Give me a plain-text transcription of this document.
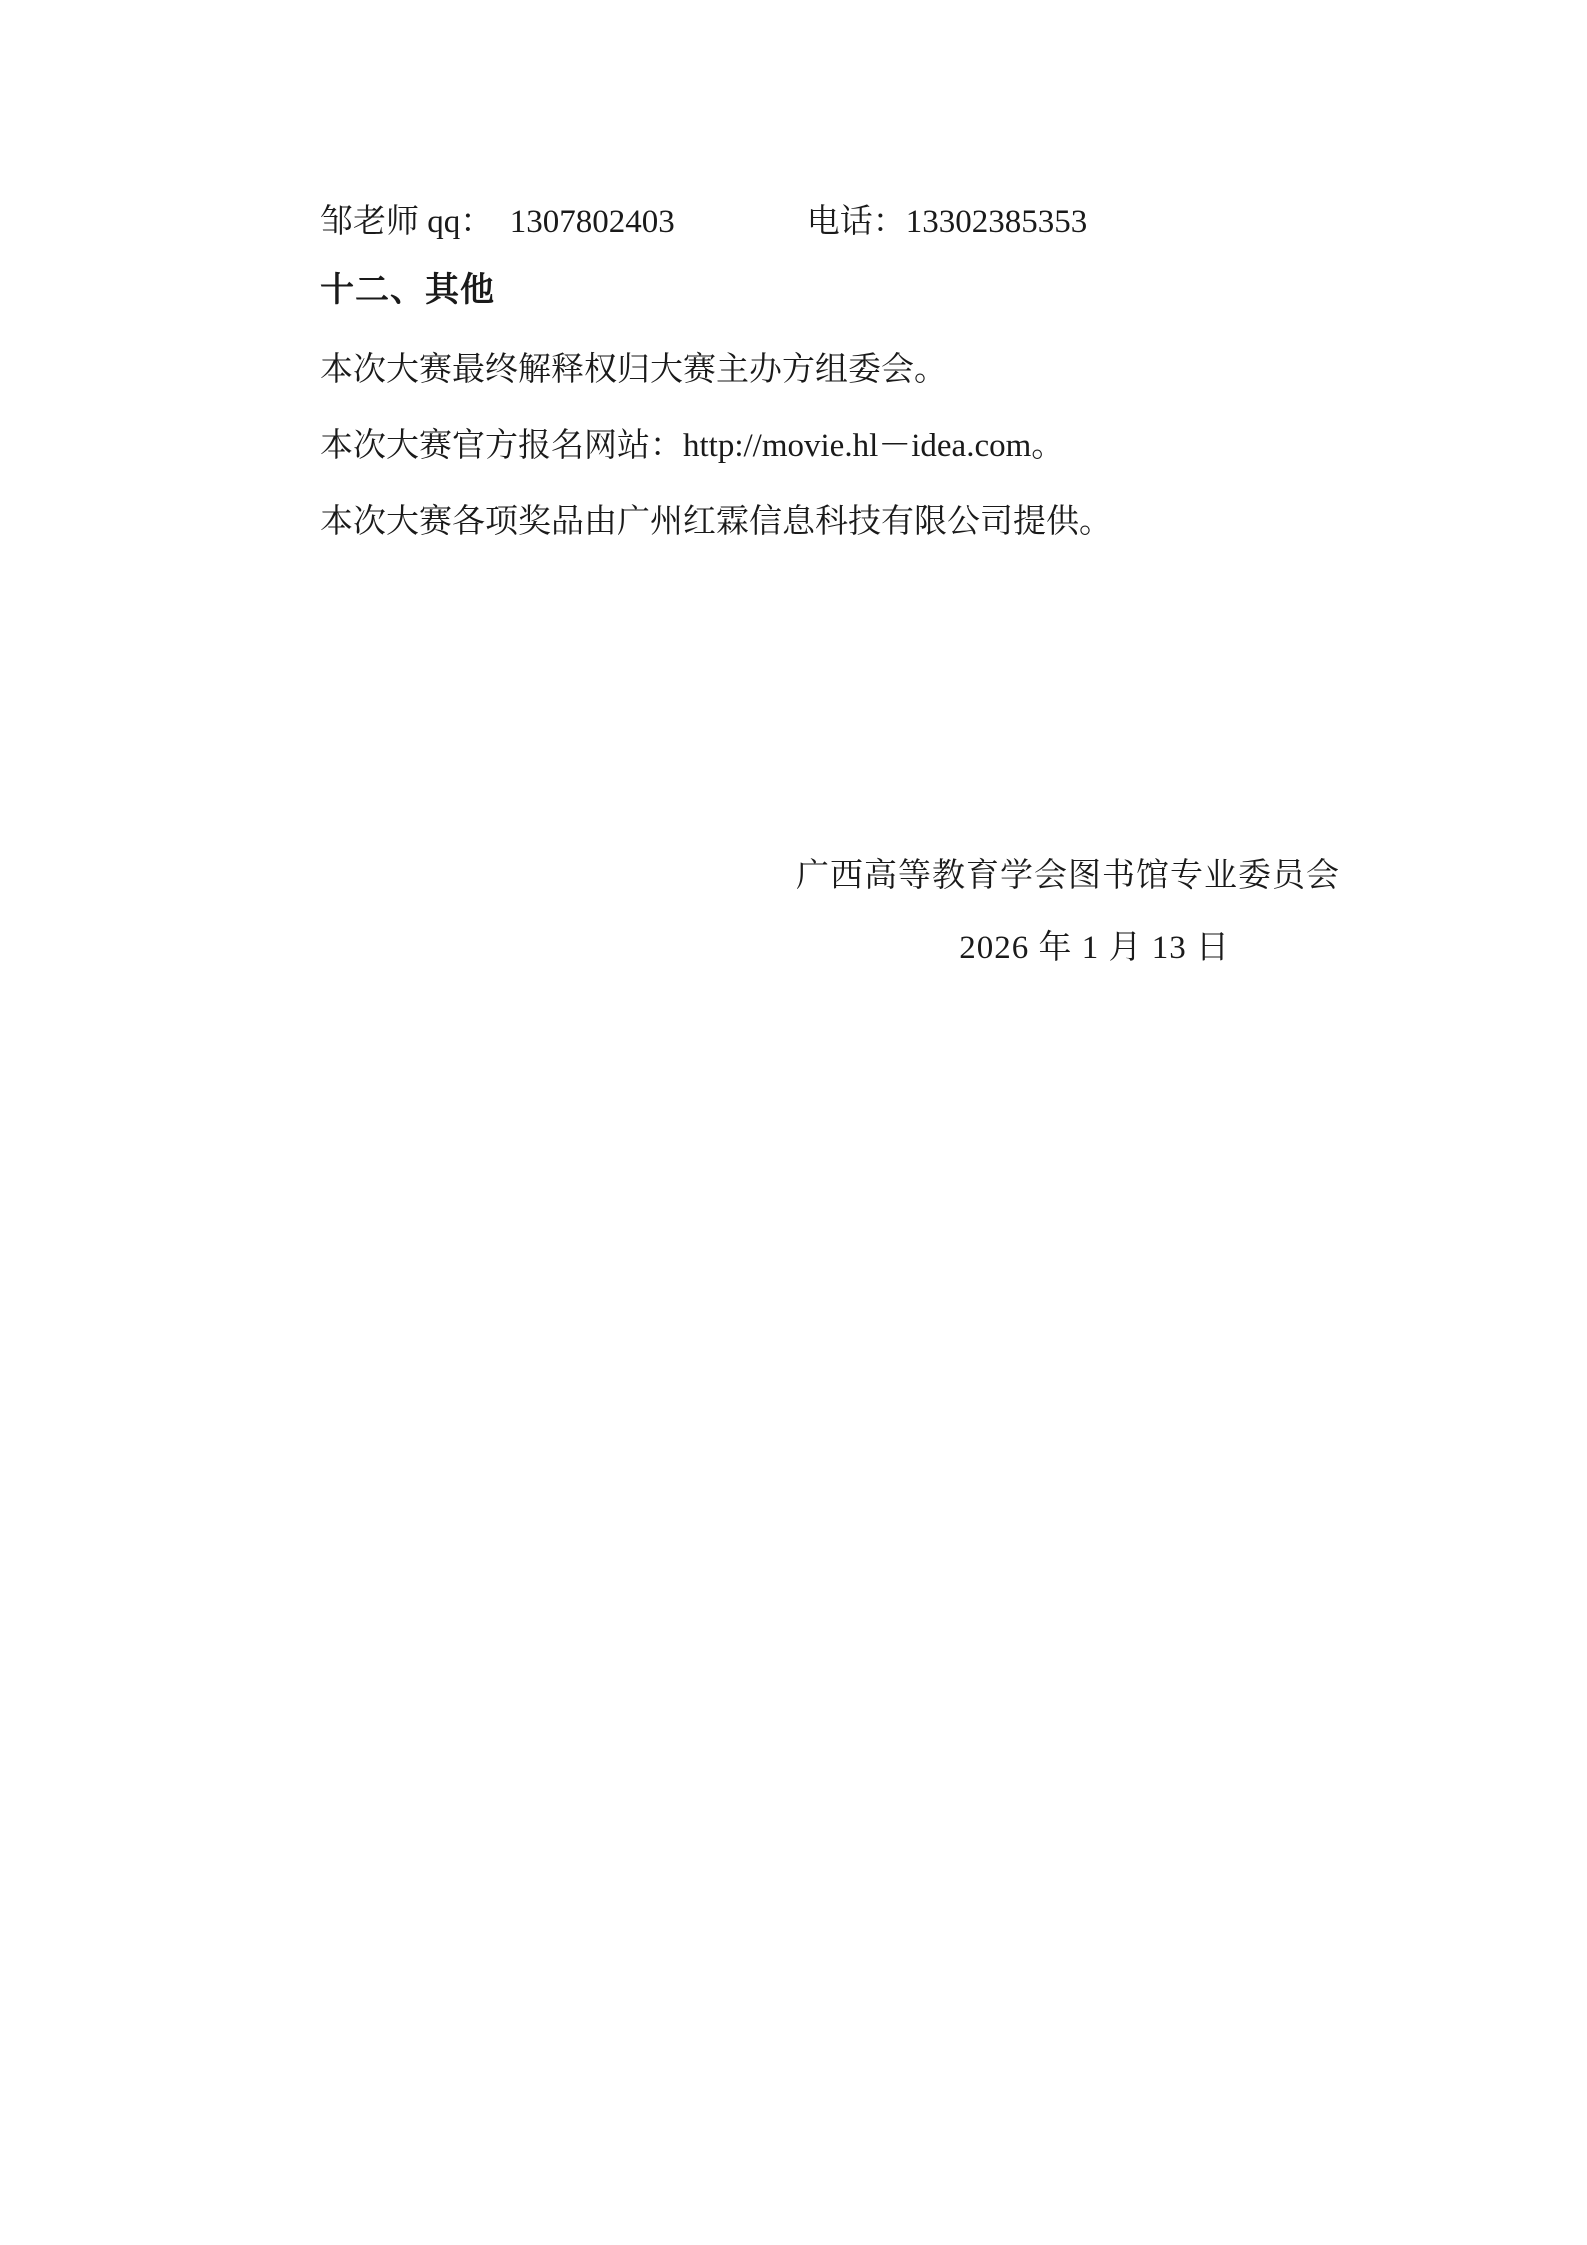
邹老师 qq：　 1307802403　　　　	电话：13302385353
十二、其他
本次大赛最终解释权归大赛主办方组委会。
本次大赛官方报名网站：http://movie.hl－idea.com。
本次大赛各项奖品由广州红霖信息科技有限公司提供。
广西高等教育学会图书馆专业委员会
2026 年 1 月 13 日
